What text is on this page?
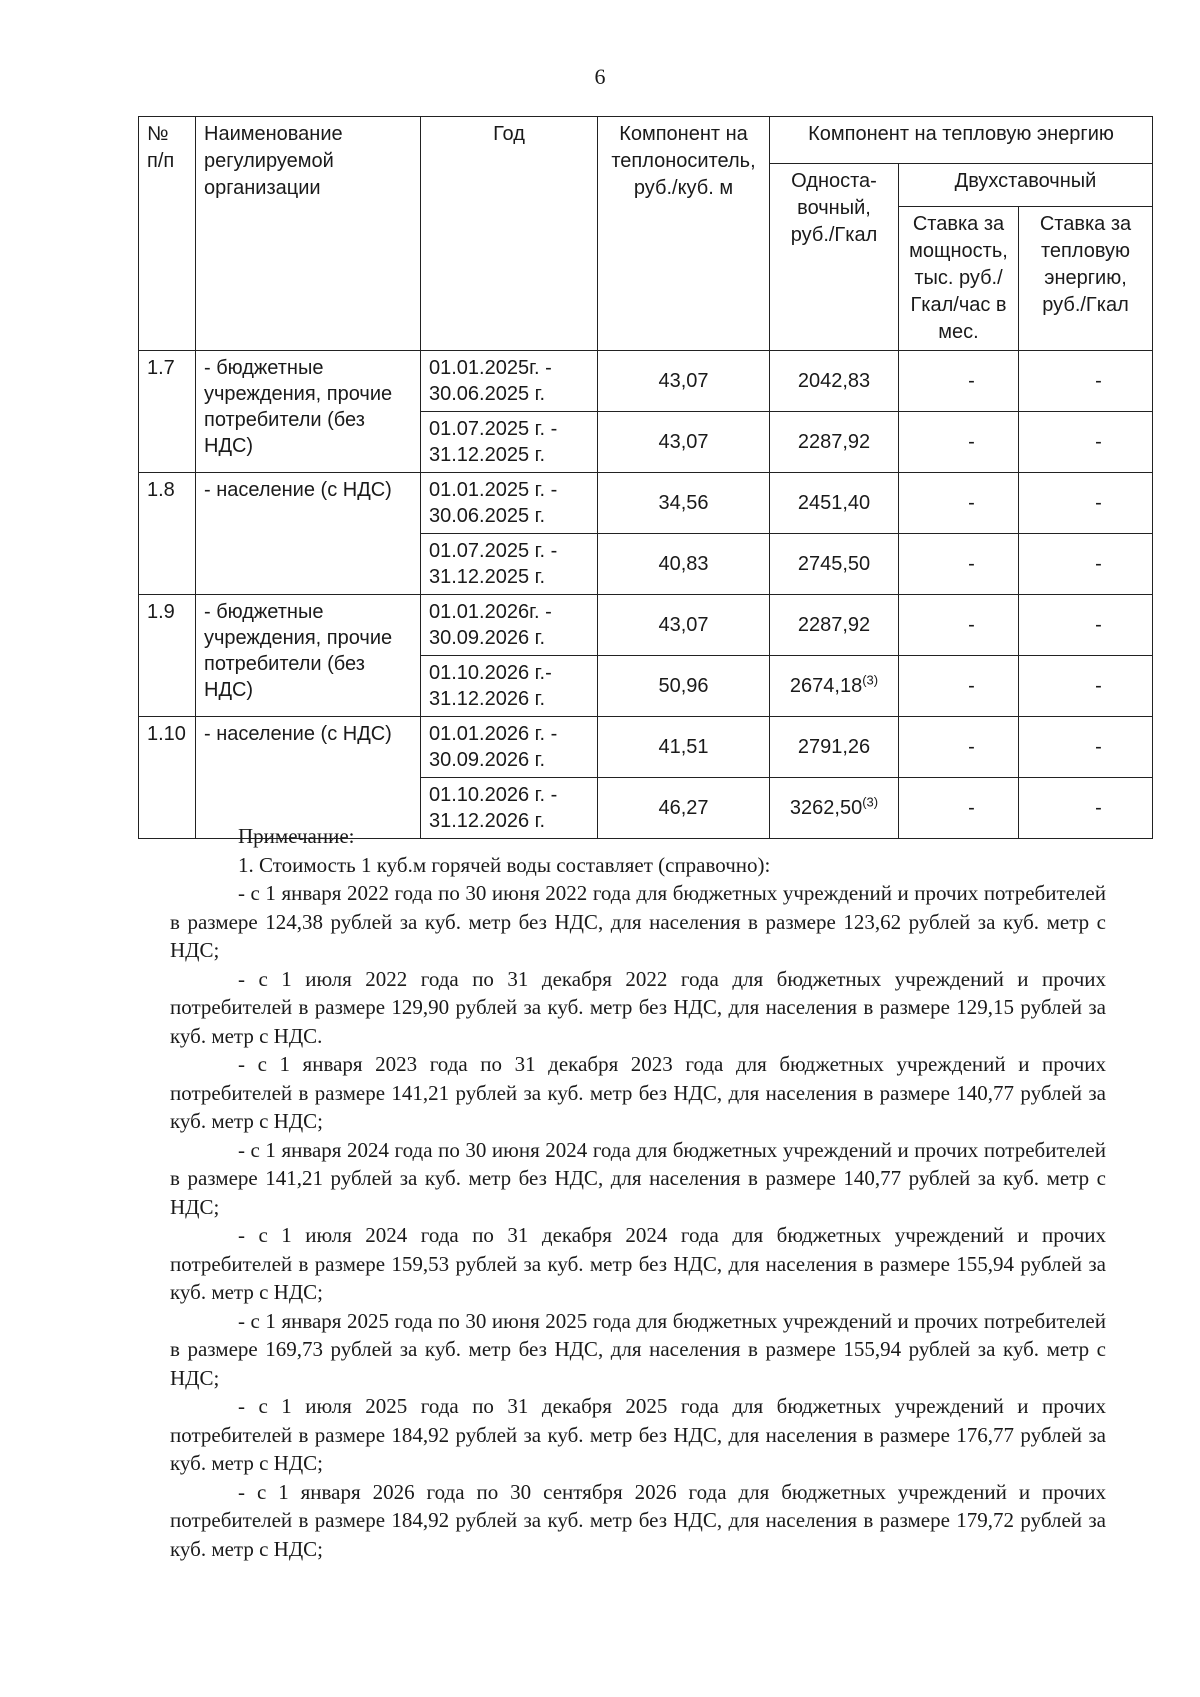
6
№ п/п	Наименование регулируемой организации	Год	Компонент на теплоноситель, руб./куб. м	Компонент на тепловую энергию		
				Односта-вочный, руб./Гкал	Двухставочный	
					Ставка за мощность, тыс. руб./ Гкал/час в мес.	Ставка за тепловую энергию, руб./Гкал
1.7	- бюджетные учреждения, прочие потребители (без НДС)	01.01.2025г. - 30.06.2025 г.	43,07	2042,83	-	-
		01.07.2025 г. - 31.12.2025 г.	43,07	2287,92	-	-
1.8	- население (с НДС)	01.01.2025 г. - 30.06.2025 г.	34,56	2451,40	-	-
		01.07.2025 г. - 31.12.2025 г.	40,83	2745,50	-	-
1.9	- бюджетные учреждения, прочие потребители (без НДС)	01.01.2026г. - 30.09.2026 г.	43,07	2287,92	-	-
		01.10.2026 г.- 31.12.2026 г.	50,96	2674,18$^{(3)}$	-	-
1.10	- население (с НДС)	01.01.2026 г. - 30.09.2026 г.	41,51	2791,26	-	-
		01.10.2026 г. - 31.12.2026 г.	46,27	3262,50$^{(3)}$	-	-

Примечание:

1. Стоимость 1 куб.м горячей воды составляет (справочно):

- с 1 января 2022 года по 30 июня 2022 года для бюджетных учреждений и прочих потребителей в размере 124,38 рублей за куб. метр без НДС, для населения в размере 123,62 рублей за куб. метр с НДС;

- с 1 июля 2022 года по 31 декабря 2022 года для бюджетных учреждений и прочих потребителей в размере 129,90 рублей за куб. метр без НДС, для населения в размере 129,15 рублей за куб. метр с НДС.

- с 1 января 2023 года по 31 декабря 2023 года для бюджетных учреждений и прочих потребителей в размере 141,21 рублей за куб. метр без НДС, для населения в размере 140,77 рублей за куб. метр с НДС;

- с 1 января 2024 года по 30 июня 2024 года для бюджетных учреждений и прочих потребителей в размере 141,21 рублей за куб. метр без НДС, для населения в размере 140,77 рублей за куб. метр с НДС;

- с 1 июля 2024 года по 31 декабря 2024 года для бюджетных учреждений и прочих потребителей в размере 159,53 рублей за куб. метр без НДС, для населения в размере 155,94 рублей за куб. метр с НДС;

- с 1 января 2025 года по 30 июня 2025 года для бюджетных учреждений и прочих потребителей в размере 169,73 рублей за куб. метр без НДС, для населения в размере 155,94 рублей за куб. метр с НДС;

- с 1 июля 2025 года по 31 декабря 2025 года для бюджетных учреждений и прочих потребителей в размере 184,92 рублей за куб. метр без НДС, для населения в размере 176,77 рублей за куб. метр с НДС;

- с 1 января 2026 года по 30 сентября 2026 года для бюджетных учреждений и прочих потребителей в размере 184,92 рублей за куб. метр без НДС, для населения в размере 179,72 рублей за куб. метр с НДС;
